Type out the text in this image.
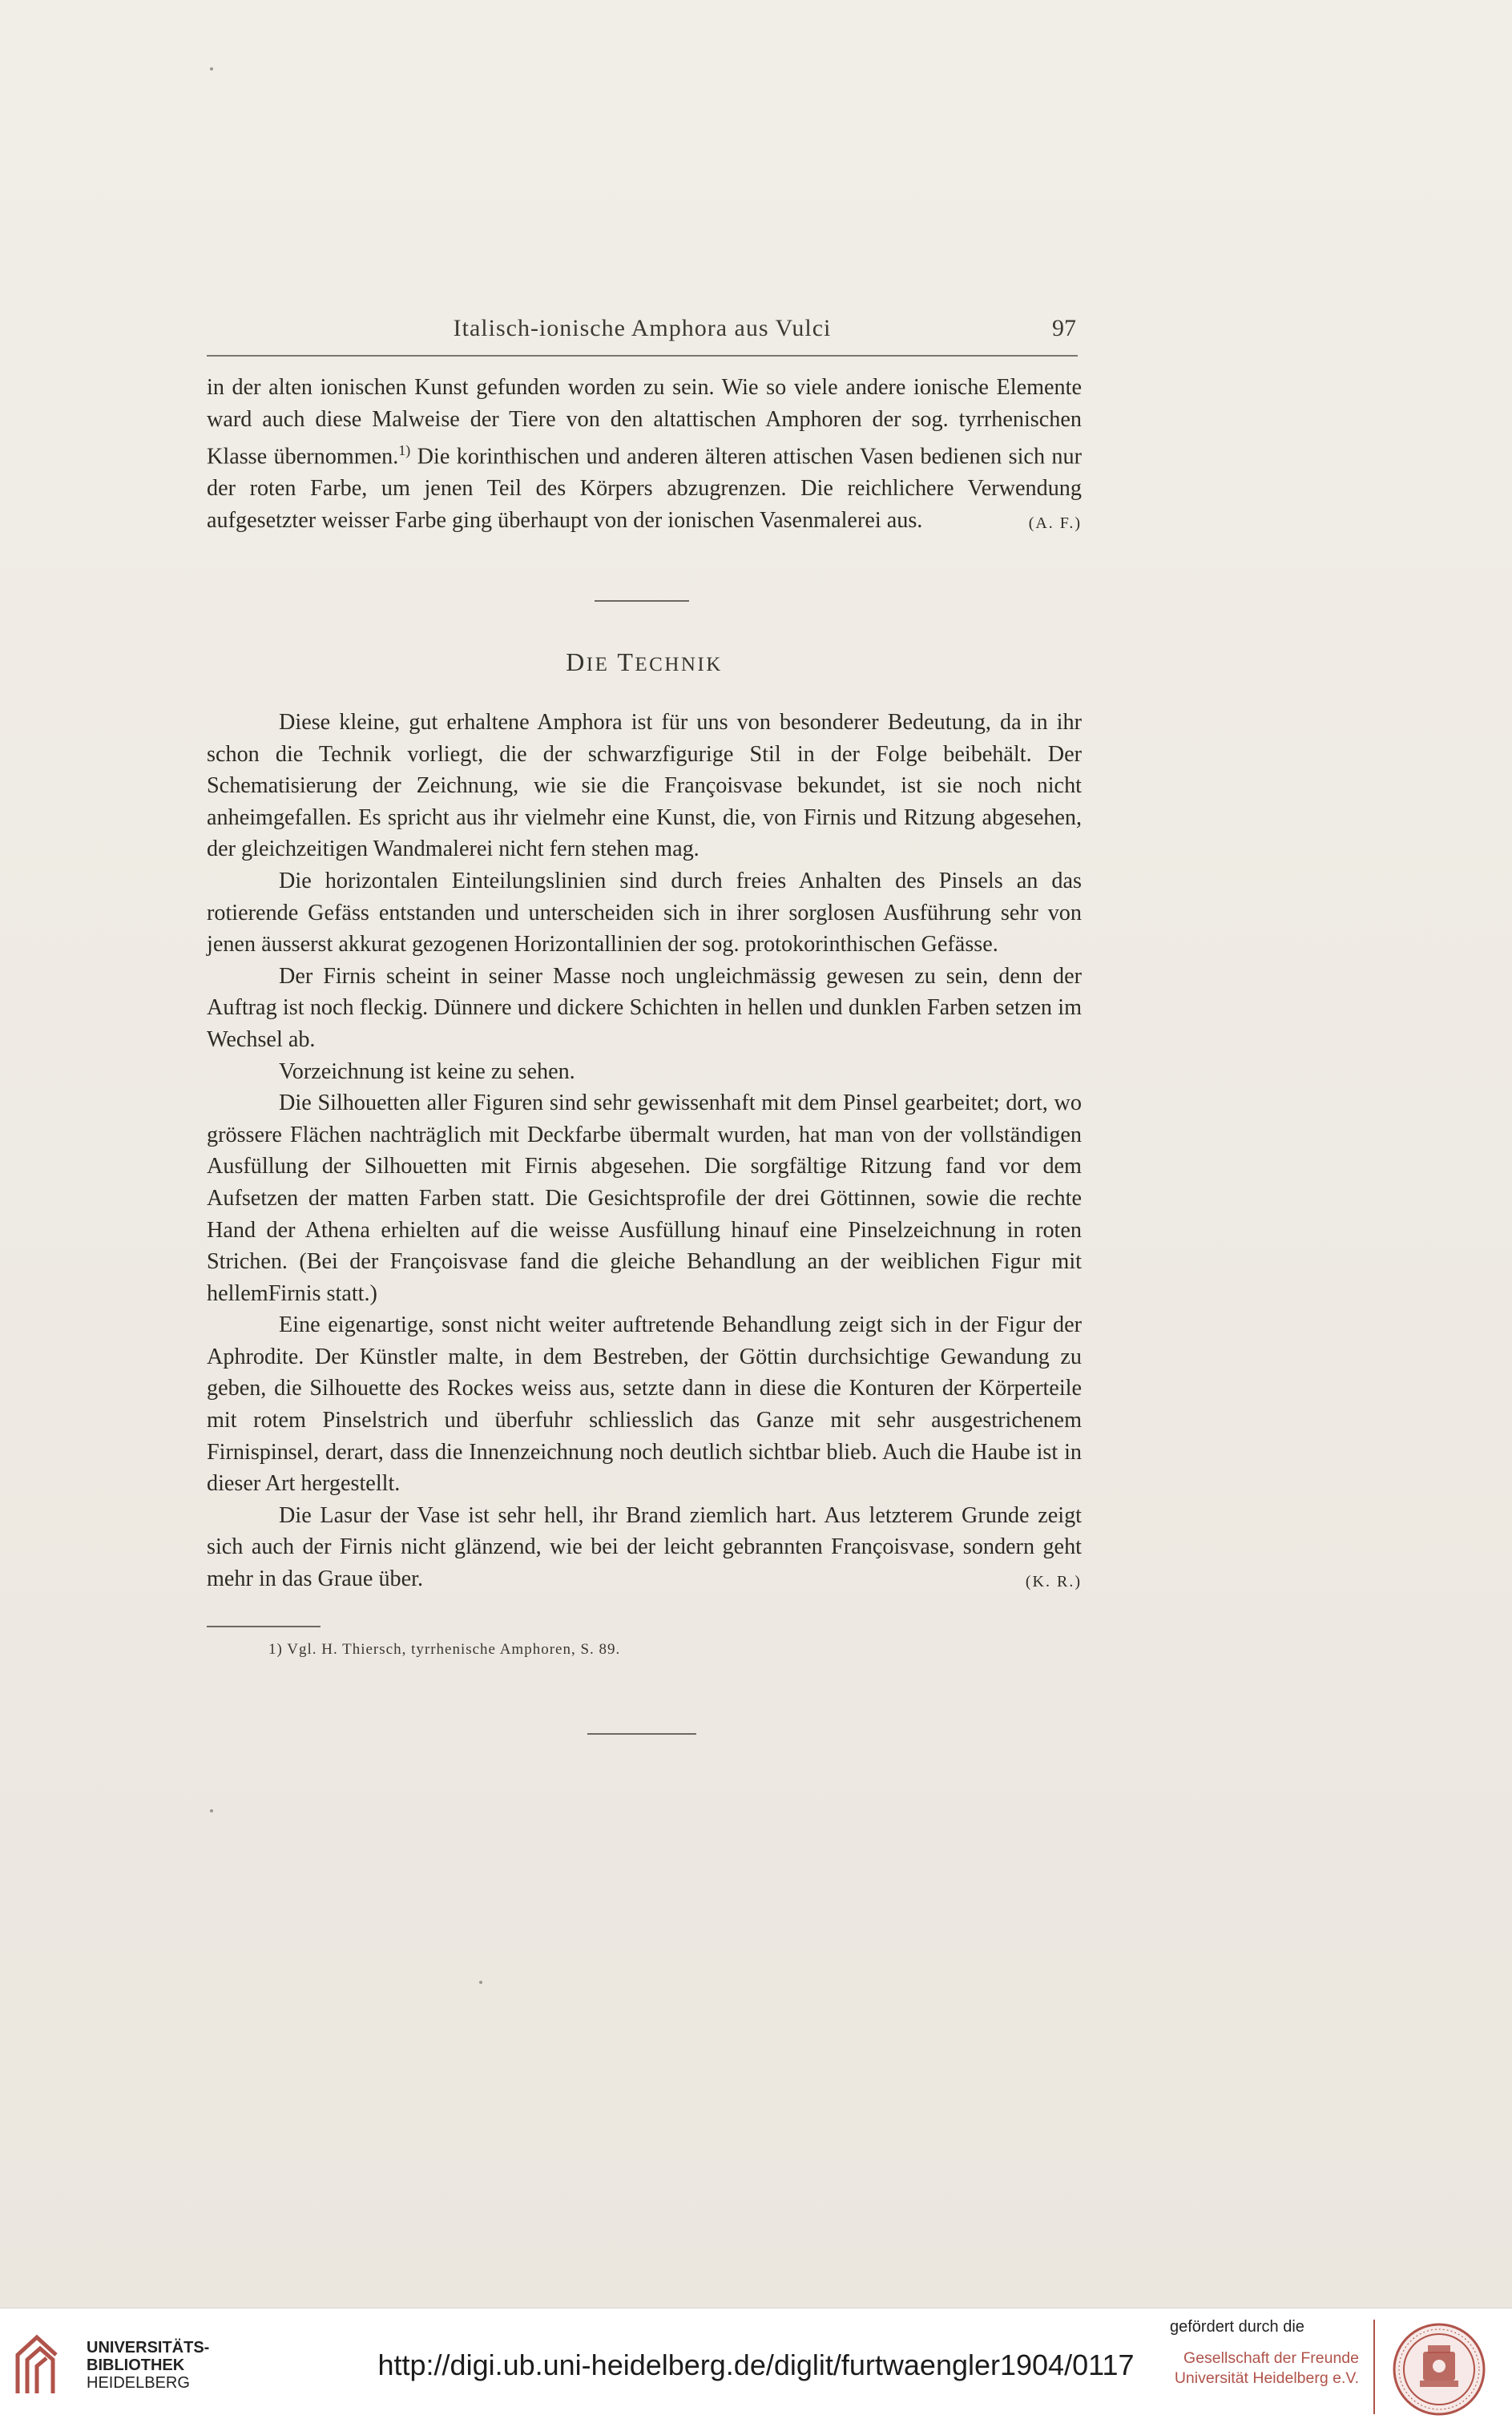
Italisch-ionische Amphora aus Vulci	97

in der alten ionischen Kunst gefunden worden zu sein. Wie so viele andere ionische Elemente ward auch diese Malweise der Tiere von den altattischen Amphoren der sog. tyrrhenischen Klasse übernommen.$^{1)}$ Die korinthischen und anderen älteren attischen Vasen bedienen sich nur der roten Farbe, um jenen Teil des Körpers abzugrenzen. Die reichlichere Verwendung aufgesetzter weisser Farbe ging überhaupt von der ionischen Vasenmalerei aus.	(A. F.)

DIE TECHNIK

Diese kleine, gut erhaltene Amphora ist für uns von besonderer Bedeutung, da in ihr schon die Technik vorliegt, die der schwarzfigurige Stil in der Folge beibehält. Der Schematisierung der Zeichnung, wie sie die Françoisvase bekundet, ist sie noch nicht anheimgefallen. Es spricht aus ihr vielmehr eine Kunst, die, von Firnis und Ritzung abgesehen, der gleichzeitigen Wandmalerei nicht fern stehen mag.

Die horizontalen Einteilungslinien sind durch freies Anhalten des Pinsels an das rotierende Gefäss entstanden und unterscheiden sich in ihrer sorglosen Ausführung sehr von jenen äusserst akkurat gezogenen Horizontallinien der sog. protokorinthischen Gefässe.

Der Firnis scheint in seiner Masse noch ungleichmässig gewesen zu sein, denn der Auftrag ist noch fleckig. Dünnere und dickere Schichten in hellen und dunklen Farben setzen im Wechsel ab.

Vorzeichnung ist keine zu sehen.

Die Silhouetten aller Figuren sind sehr gewissenhaft mit dem Pinsel gearbeitet; dort, wo grössere Flächen nachträglich mit Deckfarbe übermalt wurden, hat man von der vollständigen Ausfüllung der Silhouetten mit Firnis abgesehen. Die sorgfältige Ritzung fand vor dem Aufsetzen der matten Farben statt. Die Gesichtsprofile der drei Göttinnen, sowie die rechte Hand der Athena erhielten auf die weisse Ausfüllung hinauf eine Pinselzeichnung in roten Strichen. (Bei der Françoisvase fand die gleiche Behandlung an der weiblichen Figur mit hellemFirnis statt.)

Eine eigenartige, sonst nicht weiter auftretende Behandlung zeigt sich in der Figur der Aphrodite. Der Künstler malte, in dem Bestreben, der Göttin durchsichtige Gewandung zu geben, die Silhouette des Rockes weiss aus, setzte dann in diese die Konturen der Körperteile mit rotem Pinselstrich und überfuhr schliesslich das Ganze mit sehr ausgestrichenem Firnispinsel, derart, dass die Innenzeichnung noch deutlich sichtbar blieb. Auch die Haube ist in dieser Art hergestellt.

Die Lasur der Vase ist sehr hell, ihr Brand ziemlich hart. Aus letzterem Grunde zeigt sich auch der Firnis nicht glänzend, wie bei der leicht gebrannten Françoisvase, sondern geht mehr in das Graue über.	(K. R.)

1) Vgl. H. Thiersch, tyrrhenische Amphoren, S. 89.
UNIVERSITÄTS-
BIBLIOTHEK
HEIDELBERG
http://digi.ub.uni-heidelberg.de/diglit/furtwaengler1904/0117
gefördert durch die
Gesellschaft der Freunde
Universität Heidelberg e.V.
